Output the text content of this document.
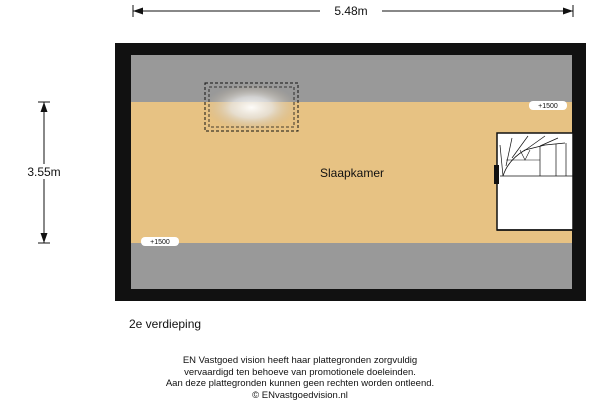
5.48m
3.55m	Slaapkamer
+1500
+1500
2e verdieping
EN Vastgoed vision heeft haar plattegronden zorgvuldig
vervaardigd ten behoeve van promotionele doeleinden.
Aan deze plattegronden kunnen geen rechten worden ontleend.
© ENvastgoedvision.nl
